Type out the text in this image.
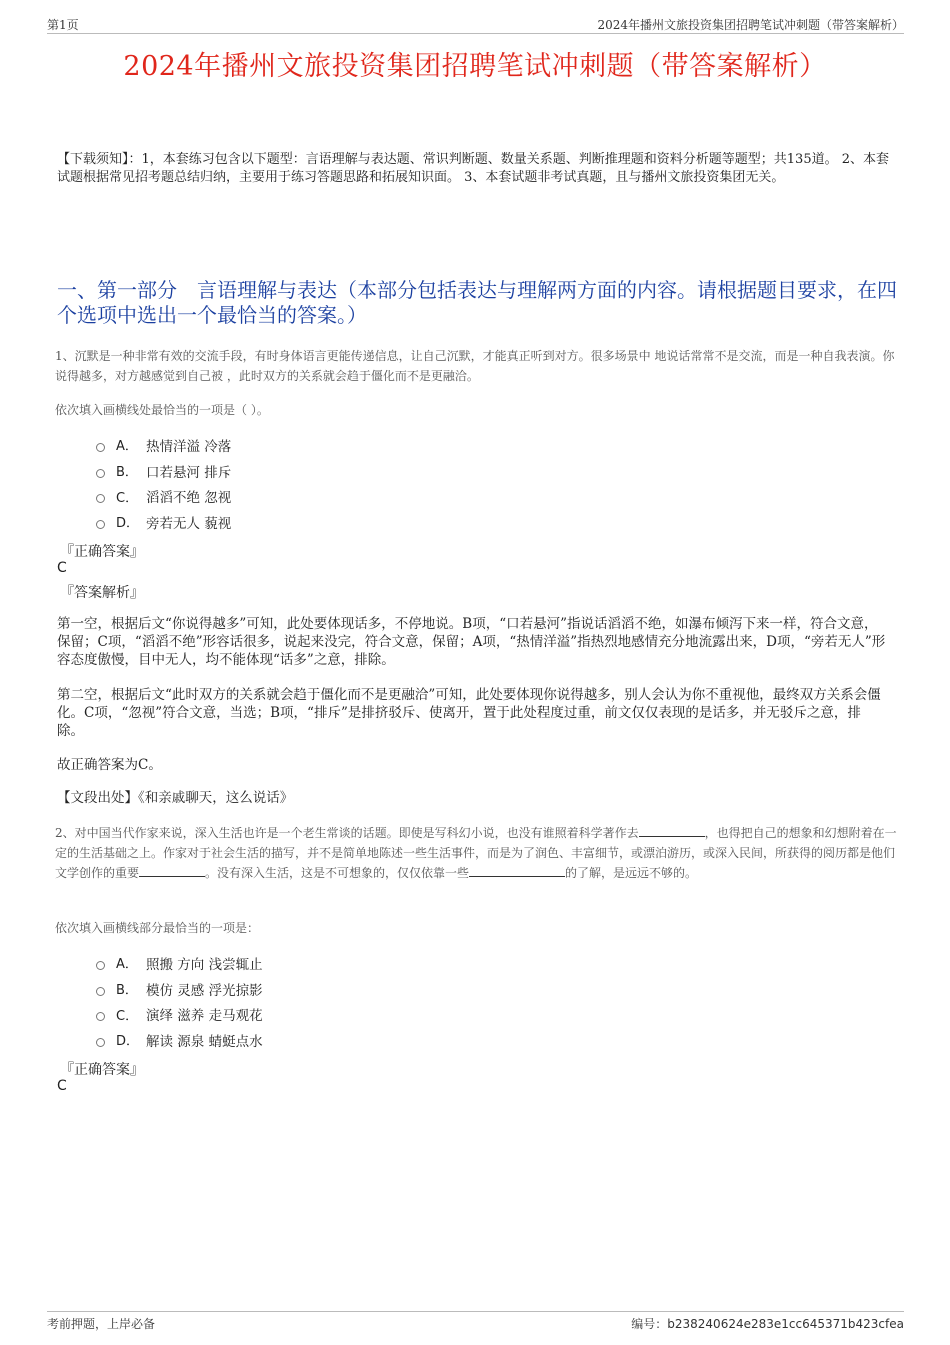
第1页	2024年播州文旅投资集团招聘笔试冲刺题（带答案解析）
2024年播州文旅投资集团招聘笔试冲刺题（带答案解析）
【下载须知】：1，本套练习包含以下题型：言语理解与表达题、常识判断题、数量关系题、判断推理题和资料分析题等题型；共135道。 2、本套试题根据常见招考题总结归纳，主要用于练习答题思路和拓展知识面。 3、本套试题非考试真题，且与播州文旅投资集团无关。
一、第一部分　言语理解与表达（本部分包括表达与理解两方面的内容。请根据题目要求，在四个选项中选出一个最恰当的答案。）
1、沉默是一种非常有效的交流手段，有时身体语言更能传递信息，让自己沉默，才能真正听到对方。很多场景中 地说话常常不是交流，而是一种自我表演。你说得越多，对方越感觉到自己被 ，此时双方的关系就会趋于僵化而不是更融洽。
依次填入画横线处最恰当的一项是（ ）。
A． 热情洋溢 冷落
B． 口若悬河 排斥
C． 滔滔不绝 忽视
D． 旁若无人 藐视
『正确答案』
C
『答案解析』
第一空，根据后文“你说得越多”可知，此处要体现话多，不停地说。B项，“口若悬河”指说话滔滔不绝，如瀑布倾泻下来一样，符合文意，保留；C项，“滔滔不绝”形容话很多，说起来没完，符合文意，保留；A项，“热情洋溢”指热烈地感情充分地流露出来，D项，“旁若无人”形容态度傲慢，目中无人，均不能体现“话多”之意，排除。
第二空，根据后文“此时双方的关系就会趋于僵化而不是更融洽”可知，此处要体现你说得越多，别人会认为你不重视他，最终双方关系会僵化。C项，“忽视”符合文意，当选；B项，“排斥”是排挤驳斥、使离开，置于此处程度过重，前文仅仅表现的是话多，并无驳斥之意，排除。
故正确答案为C。
【文段出处】《和亲戚聊天，这么说话》
2、对中国当代作家来说，深入生活也许是一个老生常谈的话题。即使是写科幻小说，也没有谁照着科学著作去	，也得把自己的想象和幻想附着在一定的生活基础之上。作家对于社会生活的描写，并不是简单地陈述一些生活事件，而是为了润色、丰富细节，或漂泊游历，或深入民间，所获得的阅历都是他们文学创作的重要	。没有深入生活，这是不可想象的，仅仅依靠一些	的了解，是远远不够的。
依次填入画横线部分最恰当的一项是：
A． 照搬 方向 浅尝辄止
B． 模仿 灵感 浮光掠影
C． 演绎 滋养 走马观花
D． 解读 源泉 蜻蜓点水
『正确答案』
C
考前押题，上岸必备	编号：b238240624e283e1cc645371b423cfea
